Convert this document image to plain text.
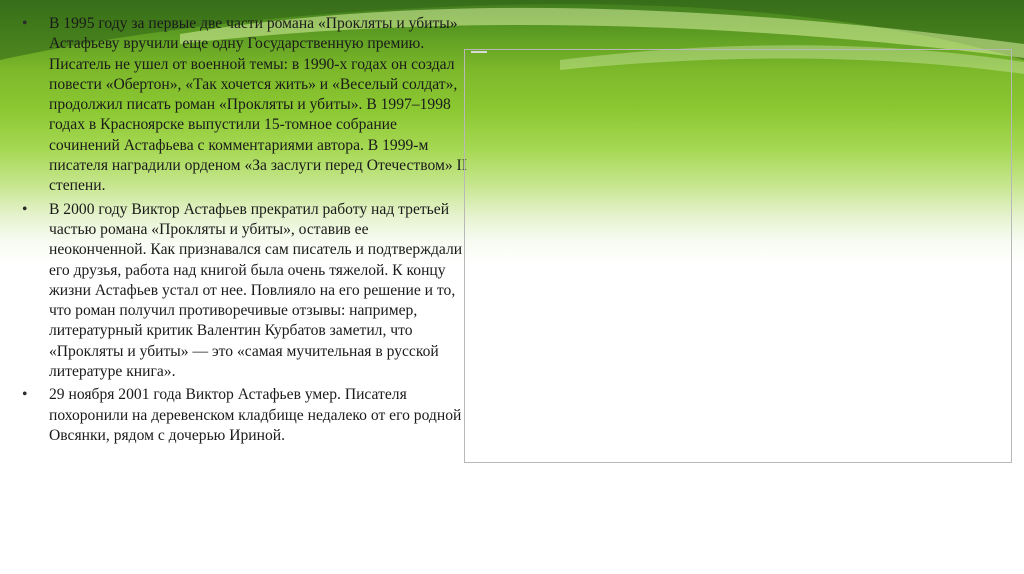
•	В 1995 году за первые две части романа «Прокляты и убиты» Астафьеву вручили еще одну Государственную премию. Писатель не ушел от военной темы: в 1990-х годах он создал повести «Обертон», «Так хочется жить» и «Веселый солдат», продолжил писать роман «Прокляты и убиты». В 1997–1998 годах в Красноярске выпустили 15-томное собрание сочинений Астафьева с комментариями автора. В 1999-м писателя наградили орденом «За заслуги перед Отечеством» II степени.
•	В 2000 году Виктор Астафьев прекратил работу над третьей частью романа «Прокляты и убиты», оставив ее неоконченной. Как признавался сам писатель и подтверждали его друзья, работа над книгой была очень тяжелой. К концу жизни Астафьев устал от нее. Повлияло на его решение и то, что роман получил противоречивые отзывы: например, литературный критик Валентин Курбатов заметил, что «Прокляты и убиты» — это «самая мучительная в русской литературе книга».
•	29 ноября 2001 года Виктор Астафьев умер. Писателя похоронили на деревенском кладбище недалеко от его родной Овсянки, рядом с дочерью Ириной.
